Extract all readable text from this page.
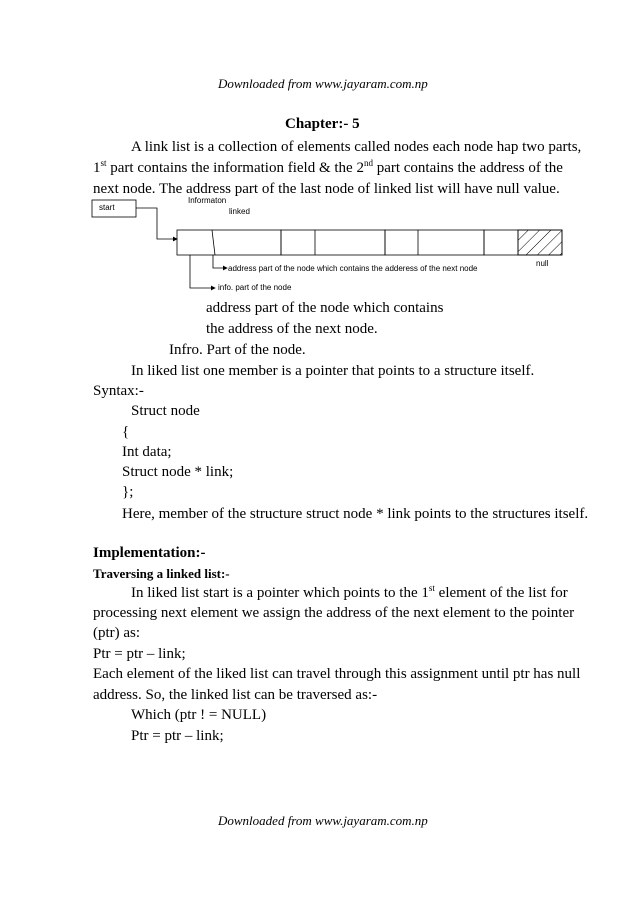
Downloaded from www.jayaram.com.np
Chapter:- 5
A link list is a collection of elements called nodes each node hap two parts,
1st part contains the information field & the 2nd part contains the address of the
next node. The address part of the last node of linked list will have null value.
start
Informaton
linked
null
address part of the node which contains the adderess of the next node
info. part of the node
address part of the node which contains
the address of the next node.
Infro. Part of the node.
In liked list one member is a pointer that points to a structure itself.
Syntax:-
Struct node
{
Int data;
Struct node * link;
};
Here, member of the structure struct node * link points to the structures itself.
Implementation:-
Traversing a linked list:-
In liked list start is a pointer which points to the 1st element of the list for
processing next element we assign the address of the next element to the pointer
(ptr) as:
Ptr = ptr – link;
Each element of the liked list can travel through this assignment until ptr has null
address. So, the linked list can be traversed as:-
Which (ptr ! = NULL)
Ptr = ptr – link;
Downloaded from www.jayaram.com.np
